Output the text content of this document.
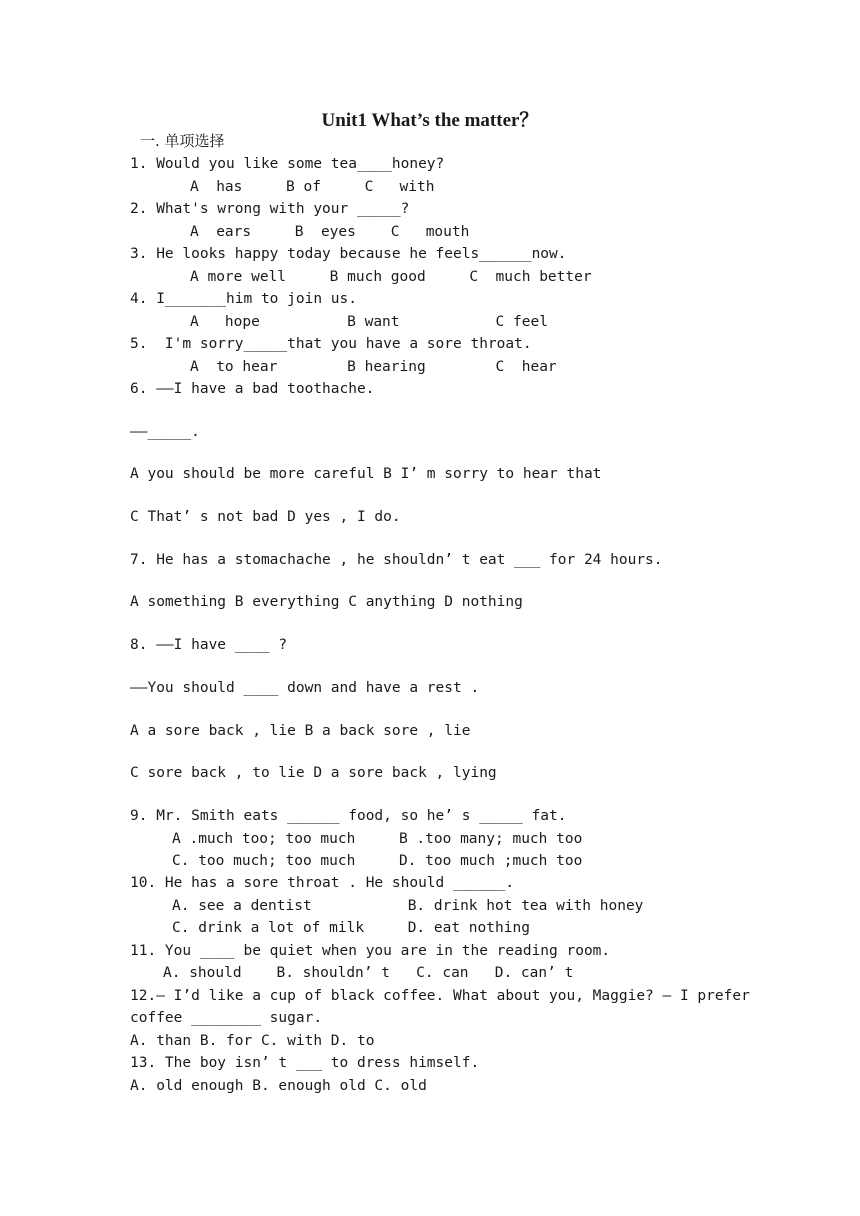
Unit1 What’s the matter？
一. 单项选择
1. Would you like some tea____honey?
A  has     B of     C   with
2. What's wrong with your _____?
A  ears     B  eyes    C   mouth
3. He looks happy today because he feels______now.
A more well     B much good     C  much better
4. I_______him to join us.
A   hope          B want           C feel
5.  I'm sorry_____that you have a sore throat.
A  to hear        B hearing        C  hear
6. ——I have a bad toothache.
——_____.
A you should be more careful B I’ m sorry to hear that
C That’ s not bad D yes , I do.
7. He has a stomachache , he shouldn’ t eat ___ for 24 hours.
A something B everything C anything D nothing
8. ——I have ____ ?
——You should ____ down and have a rest .
A a sore back , lie B a back sore , lie
C sore back , to lie D a sore back , lying
9. Mr. Smith eats ______ food, so he’ s _____ fat.
A .much too; too much     B .too many; much too
C. too much; too much     D. too much ;much too
10. He has a sore throat . He should ______.
A. see a dentist           B. drink hot tea with honey
C. drink a lot of milk     D. eat nothing
11. You ____ be quiet when you are in the reading room.
A. should    B. shouldn’ t   C. can   D. can’ t
12.— I’d like a cup of black coffee. What about you, Maggie? — I prefer
coffee ________ sugar.
A. than B. for C. with D. to
13. The boy isn’ t ___ to dress himself.
A. old enough B. enough old C. old
